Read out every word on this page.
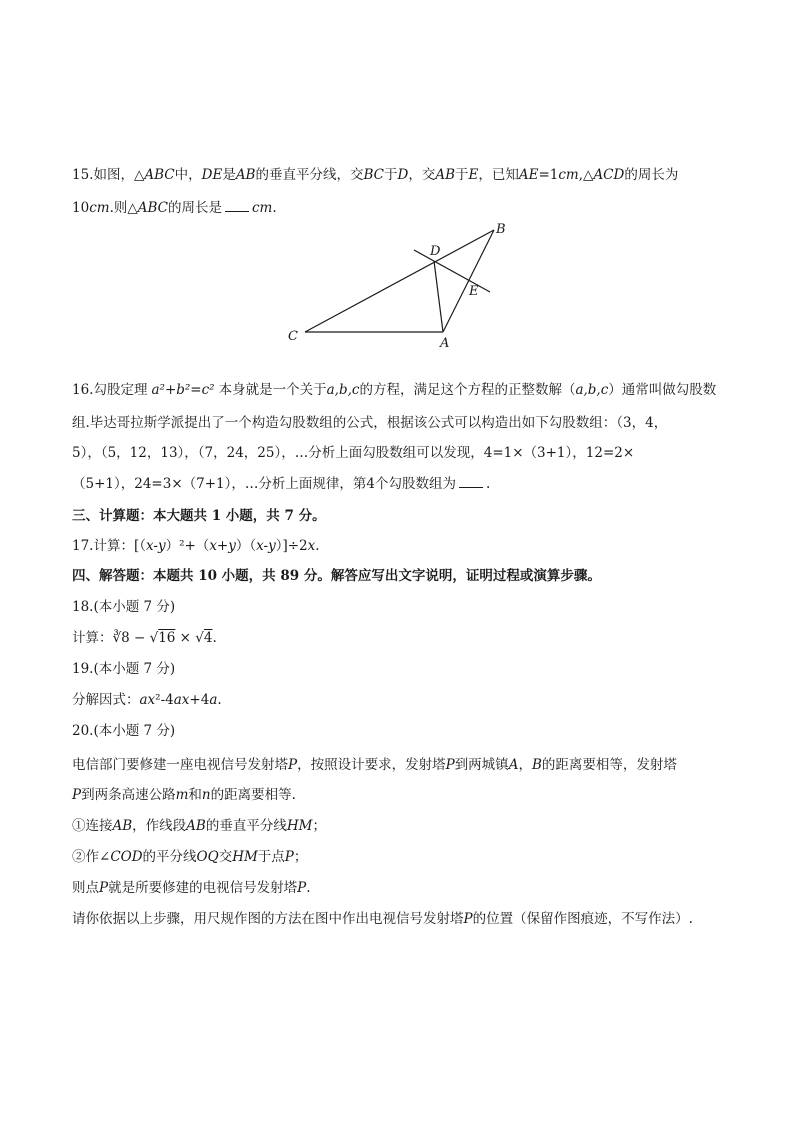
15.如图，△ABC中，DE是AB的垂直平分线，交BC于D，交AB于E，已知AE=1cm,△ACD的周长为
10cm.则△ABC的周长是 cm.
B
D
E
C	A
16.勾股定理 a²+b²=c² 本身就是一个关于a,b,c的方程，满足这个方程的正整数解（a,b,c）通常叫做勾股数
组.毕达哥拉斯学派提出了一个构造勾股数组的公式，根据该公式可以构造出如下勾股数组：（3，4，
5），（5，12，13），（7，24，25），…分析上面勾股数组可以发现，4=1×（3+1），12=2×
（5+1），24=3×（7+1），…分析上面规律，第4个勾股数组为 .
三、计算题：本大题共 1 小题，共 7 分。
17.计算：[（x-y）²+（x+y）（x-y）]÷2x.
四、解答题：本题共 10 小题，共 89 分。解答应写出文字说明，证明过程或演算步骤。
18.(本小题 7 分)
计算：∛8 − √16 × √4.
19.(本小题 7 分)
分解因式：ax²-4ax+4a.
20.(本小题 7 分)
电信部门要修建一座电视信号发射塔P，按照设计要求，发射塔P到两城镇A，B的距离要相等，发射塔
P到两条高速公路m和n的距离要相等.
①连接AB，作线段AB的垂直平分线HM；
②作∠COD的平分线OQ交HM于点P；
则点P就是所要修建的电视信号发射塔P.
请你依据以上步骤，用尺规作图的方法在图中作出电视信号发射塔P的位置（保留作图痕迹，不写作法）.
